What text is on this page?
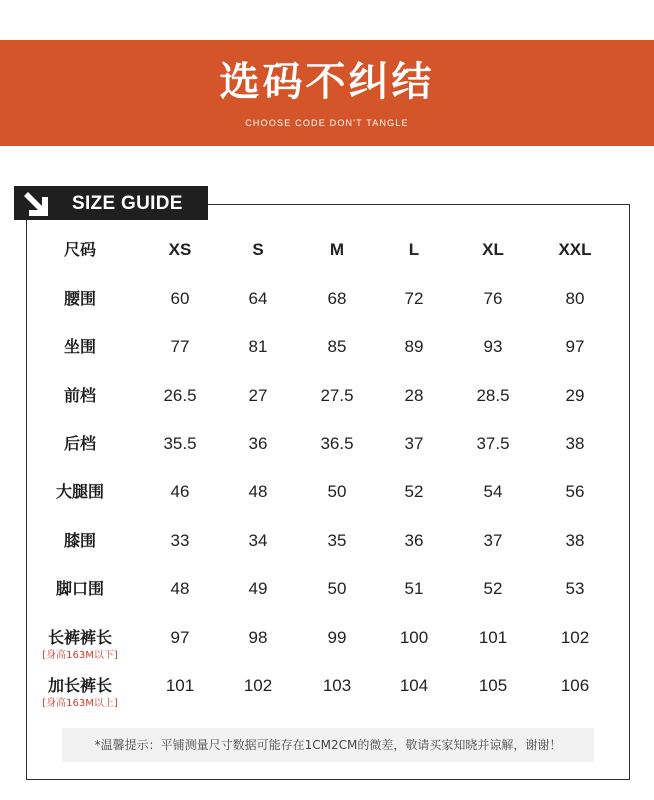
选码不纠结
CHOOSE CODE DON'T TANGLE
SIZE GUIDE
尺码	XS	S	M	L	XL	XXL
腰围	60	64	68	72	76	80
坐围	77	81	85	89	93	97
前档	26.5	27	27.5	28	28.5	29
后档	35.5	36	36.5	37	37.5	38
大腿围	46	48	50	52	54	56
膝围	33	34	35	36	37	38
脚口围	48	49	50	51	52	53
长裤裤长
[身高163M以下]
97	98	99	100	101	102
加长裤长
[身高163M以上]
101	102	103	104	105	106
*温馨提示：平铺测量尺寸数据可能存在1CM2CM的微差，敬请买家知晓并谅解，谢谢！
